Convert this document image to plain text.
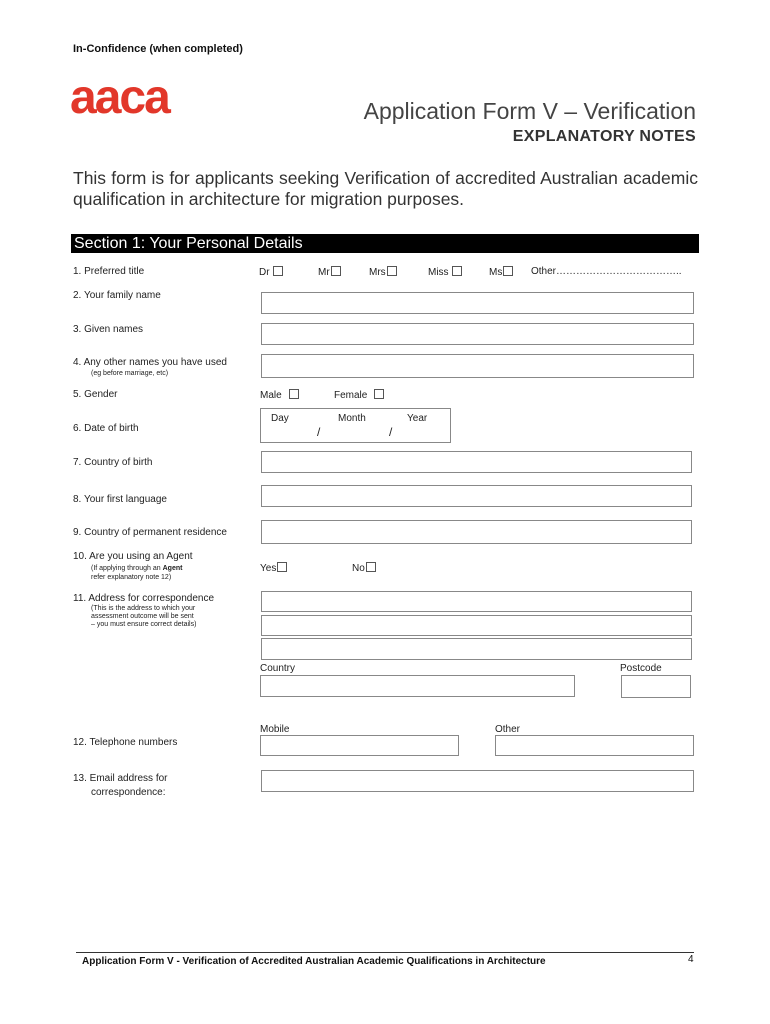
In-Confidence (when completed)
aaca	Application Form V – Verification
EXPLANATORY NOTES
This form is for applicants seeking Verification of accredited Australian academic qualification in architecture for migration purposes.
Section 1: Your Personal Details
1. Preferred title	Dr	Mr	Mrs	Miss	Ms	Other………………………………..
2. Your family name
3. Given names
4. Any other names you have used
(eg before marriage, etc)
5. Gender	Male	Female
6. Date of birth
Day	Month	Year
/	/
7. Country of birth
8. Your first language
9. Country of permanent residence
10. Are you using an Agent
(If applying through an Agent
refer explanatory note 12)
Yes	No
11. Address for correspondence
(This is the address to which your
assessment outcome will be sent
– you must ensure correct details)
Country	Postcode
Mobile	Other
12. Telephone numbers
13. Email address for
correspondence:
Application Form V - Verification of Accredited Australian Academic Qualifications in Architecture	4
